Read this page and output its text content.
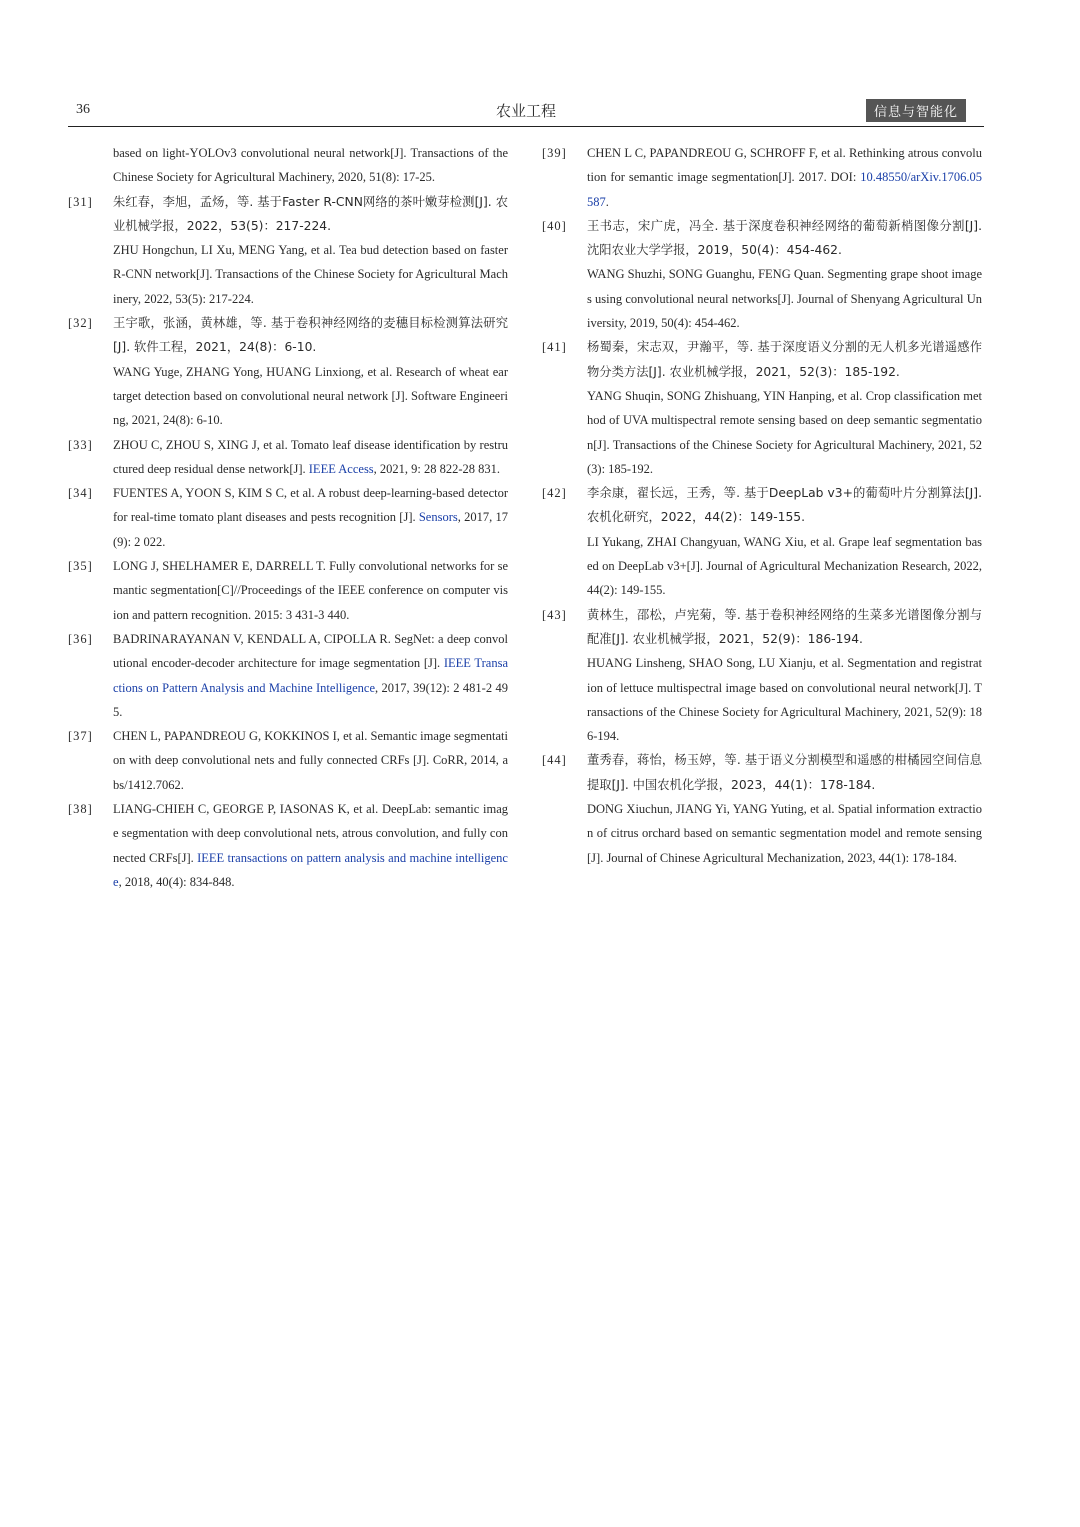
36	农业工程	信息与智能化
based on light-YOLOv3 convolutional neural network[J]. Transactions of the Chinese Society for Agricultural Machinery, 2020, 51(8): 17-25.
[31] 朱红春，李旭，孟炀，等. 基于Faster R-CNN网络的茶叶嫩芽检测[J]. 农业机械学报，2022，53(5)：217-224.
ZHU Hongchun, LI Xu, MENG Yang, et al. Tea bud detection based on faster R-CNN network[J]. Transactions of the Chinese Society for Agricultural Machinery, 2022, 53(5): 217-224.
[32] 王宇歌，张涵，黄林雄，等. 基于卷积神经网络的麦穗目标检测算法研究[J]. 软件工程，2021，24(8)：6-10.
WANG Yuge, ZHANG Yong, HUANG Linxiong, et al. Research of wheat ear target detection based on convolutional neural network [J]. Software Engineering, 2021, 24(8): 6-10.
[33] ZHOU C, ZHOU S, XING J, et al. Tomato leaf disease identification by restructured deep residual dense network[J]. IEEE Access, 2021, 9: 28 822-28 831.
[34] FUENTES A, YOON S, KIM S C, et al. A robust deep-learning-based detector for real-time tomato plant diseases and pests recognition [J]. Sensors, 2017, 17(9): 2 022.
[35] LONG J, SHELHAMER E, DARRELL T. Fully convolutional networks for semantic segmentation[C]//Proceedings of the IEEE conference on computer vision and pattern recognition. 2015: 3 431-3 440.
[36] BADRINARAYANAN V, KENDALL A, CIPOLLA R. SegNet: a deep convolutional encoder-decoder architecture for image segmentation [J]. IEEE Transactions on Pattern Analysis and Machine Intelligence, 2017, 39(12): 2 481-2 495.
[37] CHEN L, PAPANDREOU G, KOKKINOS I, et al. Semantic image segmentation with deep convolutional nets and fully connected CRFs [J]. CoRR, 2014, abs/1412.7062.
[38] LIANG-CHIEH C, GEORGE P, IASONAS K, et al. DeepLab: semantic image segmentation with deep convolutional nets, atrous convolution, and fully connected CRFs[J]. IEEE transactions on pattern analysis and machine intelligence, 2018, 40(4): 834-848.
[39] CHEN L C, PAPANDREOU G, SCHROFF F, et al. Rethinking atrous convolution for semantic image segmentation[J]. 2017. DOI: 10.48550/arXiv.1706.05587.
[40] 王书志，宋广虎，冯全. 基于深度卷积神经网络的葡萄新梢图像分割[J]. 沈阳农业大学学报，2019，50(4)：454-462.
WANG Shuzhi, SONG Guanghu, FENG Quan. Segmenting grape shoot images using convolutional neural networks[J]. Journal of Shenyang Agricultural University, 2019, 50(4): 454-462.
[41] 杨蜀秦，宋志双，尹瀚平，等. 基于深度语义分割的无人机多光谱遥感作物分类方法[J]. 农业机械学报，2021，52(3)：185-192.
YANG Shuqin, SONG Zhishuang, YIN Hanping, et al. Crop classification method of UVA multispectral remote sensing based on deep semantic segmentation[J]. Transactions of the Chinese Society for Agricultural Machinery, 2021, 52(3): 185-192.
[42] 李余康，翟长远，王秀，等. 基于DeepLab v3+的葡萄叶片分割算法[J]. 农机化研究，2022，44(2)：149-155.
LI Yukang, ZHAI Changyuan, WANG Xiu, et al. Grape leaf segmentation based on DeepLab v3+[J]. Journal of Agricultural Mechanization Research, 2022, 44(2): 149-155.
[43] 黄林生，邵松，卢宪菊，等. 基于卷积神经网络的生菜多光谱图像分割与配准[J]. 农业机械学报，2021，52(9)：186-194.
HUANG Linsheng, SHAO Song, LU Xianju, et al. Segmentation and registration of lettuce multispectral image based on convolutional neural network[J]. Transactions of the Chinese Society for Agricultural Machinery, 2021, 52(9): 186-194.
[44] 董秀春，蒋怡，杨玉婷，等. 基于语义分割模型和遥感的柑橘园空间信息提取[J]. 中国农机化学报，2023，44(1)：178-184.
DONG Xiuchun, JIANG Yi, YANG Yuting, et al. Spatial information extraction of citrus orchard based on semantic segmentation model and remote sensing[J]. Journal of Chinese Agricultural Mechanization, 2023, 44(1): 178-184.
